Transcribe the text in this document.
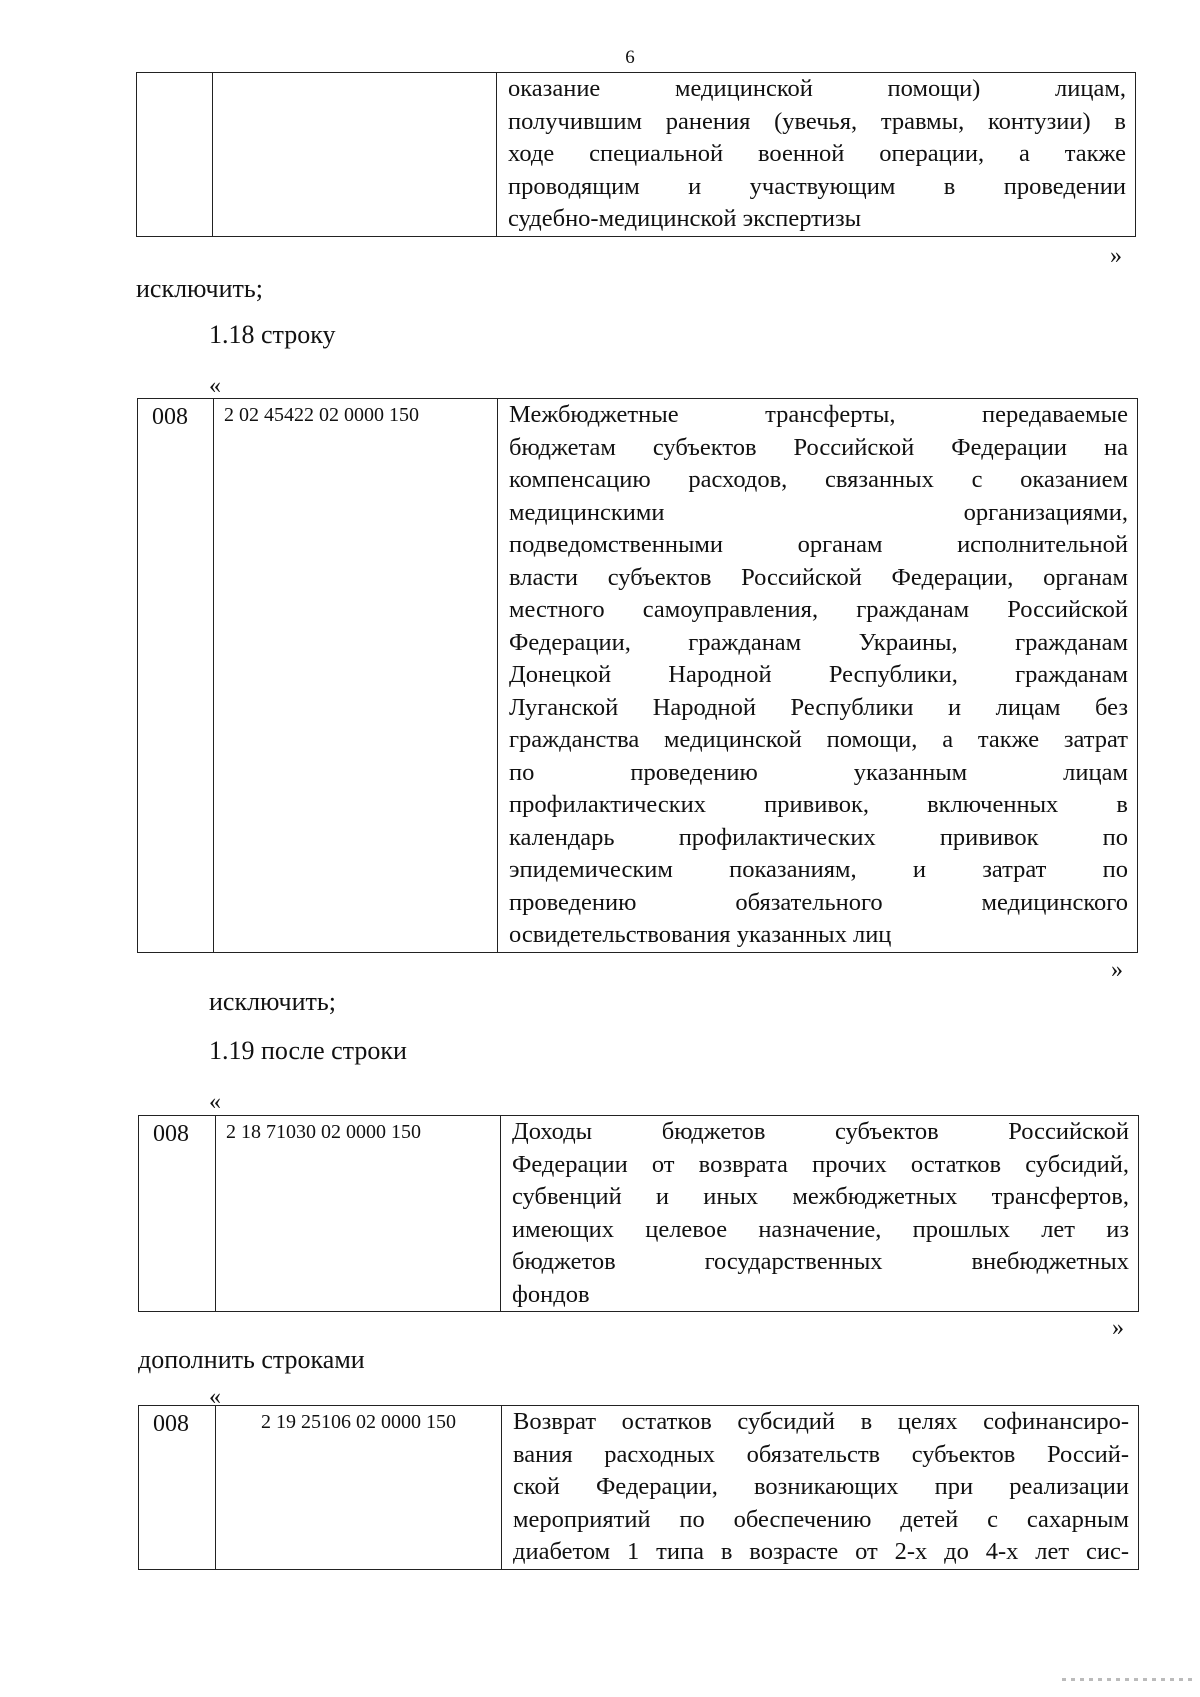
6

оказание медицинской помощи) лицам,
получившим ранения (увечья, травмы, контузии) в
ходе специальной военной операции, а также
проводящим и участвующим в проведении
судебно-медицинской экспертизы
»
исключить;
1.18 строку
«
008	2 02 45422 02 0000 150	Межбюджетные трансферты, передаваемые
бюджетам субъектов Российской Федерации на
компенсацию расходов, связанных с оказанием
медицинскими организациями,
подведомственными органам исполнительной
власти субъектов Российской Федерации, органам
местного самоуправления, гражданам Российской
Федерации, гражданам Украины, гражданам
Донецкой Народной Республики, гражданам
Луганской Народной Республики и лицам без
гражданства медицинской помощи, а также затрат
по проведению указанным лицам
профилактических прививок, включенных в
календарь профилактических прививок по
эпидемическим показаниям, и затрат по
проведению обязательного медицинского
освидетельствования указанных лиц
»
исключить;
1.19 после строки
«
008	2 18 71030 02 0000 150	Доходы бюджетов субъектов Российской
Федерации от возврата прочих остатков субсидий,
субвенций и иных межбюджетных трансфертов,
имеющих целевое назначение, прошлых лет из
бюджетов государственных внебюджетных
фондов
»
дополнить строками
«
008	2 19 25106 02 0000 150	Возврат остатков субсидий в целях софинансиро-
вания расходных обязательств субъектов Россий-
ской Федерации, возникающих при реализации
мероприятий по обеспечению детей с сахарным
диабетом 1 типа в возрасте от 2-х до 4-х лет сис-
